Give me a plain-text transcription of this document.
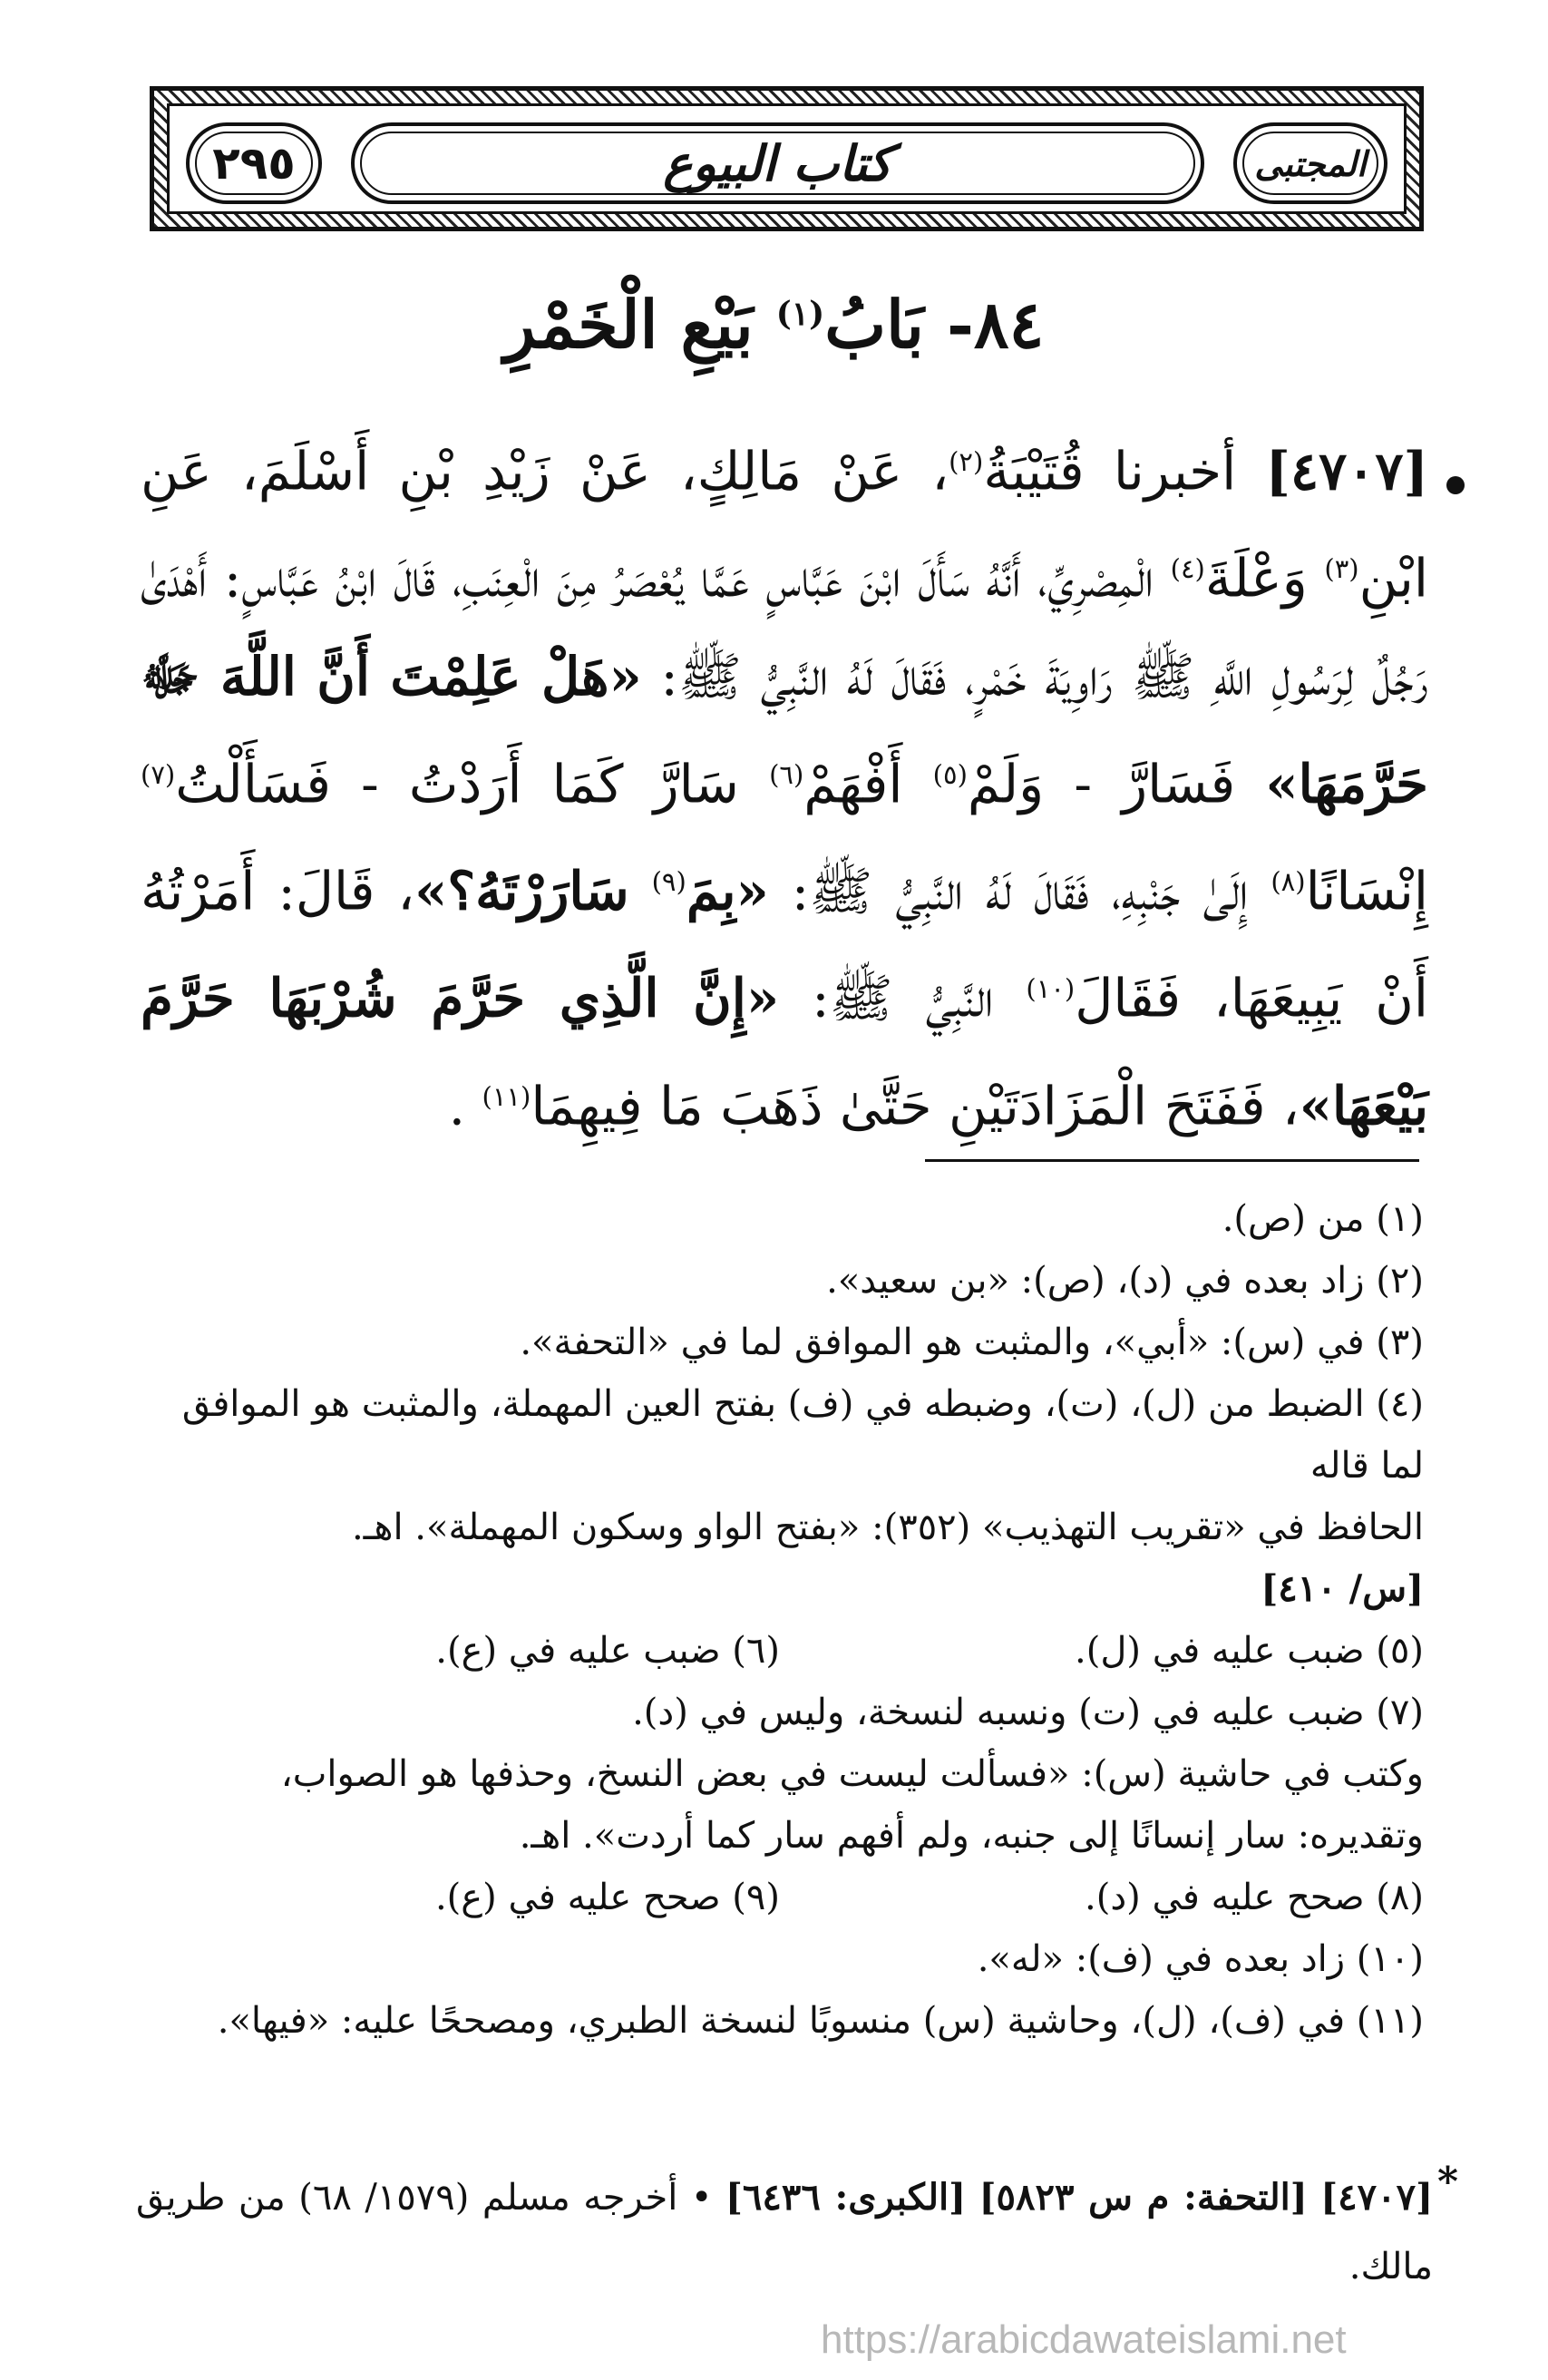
٢٩٥	كتاب البيوع	المجتبى
٨٤- بَابُ$^{(١)}$ بَيْعِ الْخَمْرِ
[٤٧٠٧] أخبرنا قُتَيْبَةُ$^{(٢)}$، عَنْ مَالِكٍ، عَنْ زَيْدِ بْنِ أَسْلَمَ، عَنِ ابْنِ$^{(٣)}$ وَعْلَةَ$^{(٤)}$ الْمِصْرِيِّ، أَنَّهُ سَأَلَ ابْنَ عَبَّاسٍ عَمَّا يُعْصَرُ مِنَ الْعِنَبِ، قَالَ ابْنُ عَبَّاسٍ: أَهْدَىٰ رَجُلٌ لِرَسُولِ اللَّهِ ﷺ رَاوِيَةَ خَمْرٍ، فَقَالَ لَهُ النَّبِيُّ ﷺ: «هَلْ عَلِمْتَ أَنَّ اللَّهَ ﷻ حَرَّمَهَا» فَسَارَّ - وَلَمْ$^{(٥)}$ أَفْهَمْ$^{(٦)}$ سَارَّ كَمَا أَرَدْتُ - فَسَأَلْتُ$^{(٧)}$ إِنْسَانًا$^{(٨)}$ إِلَىٰ جَنْبِهِ، فَقَالَ لَهُ النَّبِيُّ ﷺ: «بِمَ$^{(٩)}$ سَارَرْتَهُ؟»، قَالَ: أَمَرْتُهُ أَنْ يَبِيعَهَا، فَقَالَ$^{(١٠)}$ النَّبِيُّ ﷺ: «إِنَّ الَّذِي حَرَّمَ شُرْبَهَا حَرَّمَ بَيْعَهَا»، فَفَتَحَ الْمَزَادَتَيْنِ حَتَّىٰ ذَهَبَ مَا فِيهِمَا$^{(١١)}$ .

(١) من (ص).

(٢) زاد بعده في (د)، (ص): «بن سعيد».

(٣) في (س): «أبي»، والمثبت هو الموافق لما في «التحفة».

(٤) الضبط من (ل)، (ت)، وضبطه في (ف) بفتح العين المهملة، والمثبت هو الموافق لما قاله

الحافظ في «تقريب التهذيب» (٣٥٢): «بفتح الواو وسكون المهملة». اهـ.

[س/ ٤١٠]

(٥) ضبب عليه في (ل).
(٦) ضبب عليه في (ع).

(٧) ضبب عليه في (ت) ونسبه لنسخة، وليس في (د).

وكتب في حاشية (س): «فسألت ليست في بعض النسخ، وحذفها هو الصواب،

وتقديره: سار إنسانًا إلى جنبه، ولم أفهم سار كما أردت». اهـ.

(٨) صحح عليه في (د).
(٩) صحح عليه في (ع).

(١٠) زاد بعده في (ف): «له».

(١١) في (ف)، (ل)، وحاشية (س) منسوبًا لنسخة الطبري، ومصححًا عليه: «فيها».

*
[٤٧٠٧] [التحفة: م س ٥٨٢٣] [الكبرى: ٦٤٣٦] • أخرجه مسلم (١٥٧٩/ ٦٨) من طريق مالك.
https://arabicdawateislami.net
